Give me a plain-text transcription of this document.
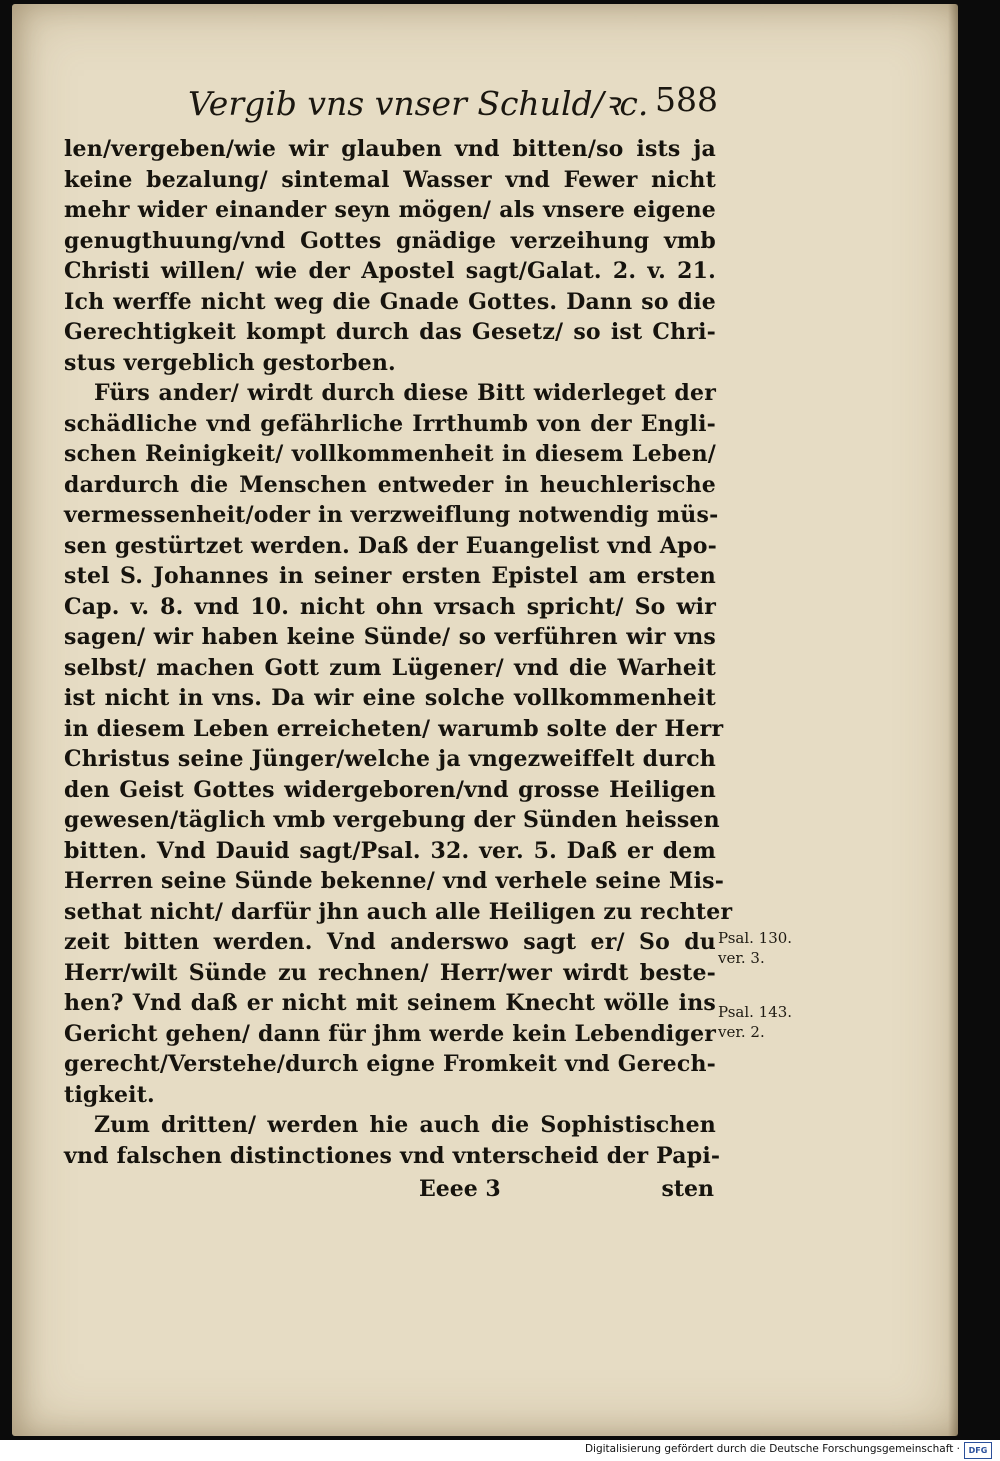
Vergib vns vnser Schuld/ꝛc. 588
len/vergeben/wie wir glauben vnd bitten/so ists ja
keine bezalung/ sintemal Wasser vnd Fewer nicht
mehr wider einander seyn mögen/ als vnsere eigene
genugthuung/vnd Gottes gnädige verzeihung vmb
Christi willen/ wie der Apostel sagt/Galat. 2. v. 21.
Ich werffe nicht weg die Gnade Gottes. Dann so die
Gerechtigkeit kompt durch das Gesetz/ so ist Chri-
stus vergeblich gestorben.
Fürs ander/ wirdt durch diese Bitt widerleget der
schädliche vnd gefährliche Irrthumb von der Engli-
schen Reinigkeit/ vollkommenheit in diesem Leben/
dardurch die Menschen entweder in heuchlerische
vermessenheit/oder in verzweiflung notwendig müs-
sen gestürtzet werden. Daß der Euangelist vnd Apo-
stel S. Johannes in seiner ersten Epistel am ersten
Cap. v. 8. vnd 10. nicht ohn vrsach spricht/ So wir
sagen/ wir haben keine Sünde/ so verführen wir vns
selbst/ machen Gott zum Lügener/ vnd die Warheit
ist nicht in vns. Da wir eine solche vollkommenheit
in diesem Leben erreicheten/ warumb solte der Herr
Christus seine Jünger/welche ja vngezweiffelt durch
den Geist Gottes widergeboren/vnd grosse Heiligen
gewesen/täglich vmb vergebung der Sünden heissen
bitten. Vnd Dauid sagt/Psal. 32. ver. 5. Daß er dem
Herren seine Sünde bekenne/ vnd verhele seine Mis-
sethat nicht/ darfür jhn auch alle Heiligen zu rechter
zeit bitten werden. Vnd anderswo sagt er/ So du
Herr/wilt Sünde zu rechnen/ Herr/wer wirdt beste-
hen? Vnd daß er nicht mit seinem Knecht wölle ins
Gericht gehen/ dann für jhm werde kein Lebendiger
gerecht/Verstehe/durch eigne Fromkeit vnd Gerech-
tigkeit.
Zum dritten/ werden hie auch die Sophistischen
vnd falschen distinctiones vnd vnterscheid der Papi-
Eeee 3	sten
Psal. 130.
ver. 3.
Psal. 143.
ver. 2.
Digitalisierung gefördert durch die Deutsche Forschungsgemeinschaft ·	DFG
